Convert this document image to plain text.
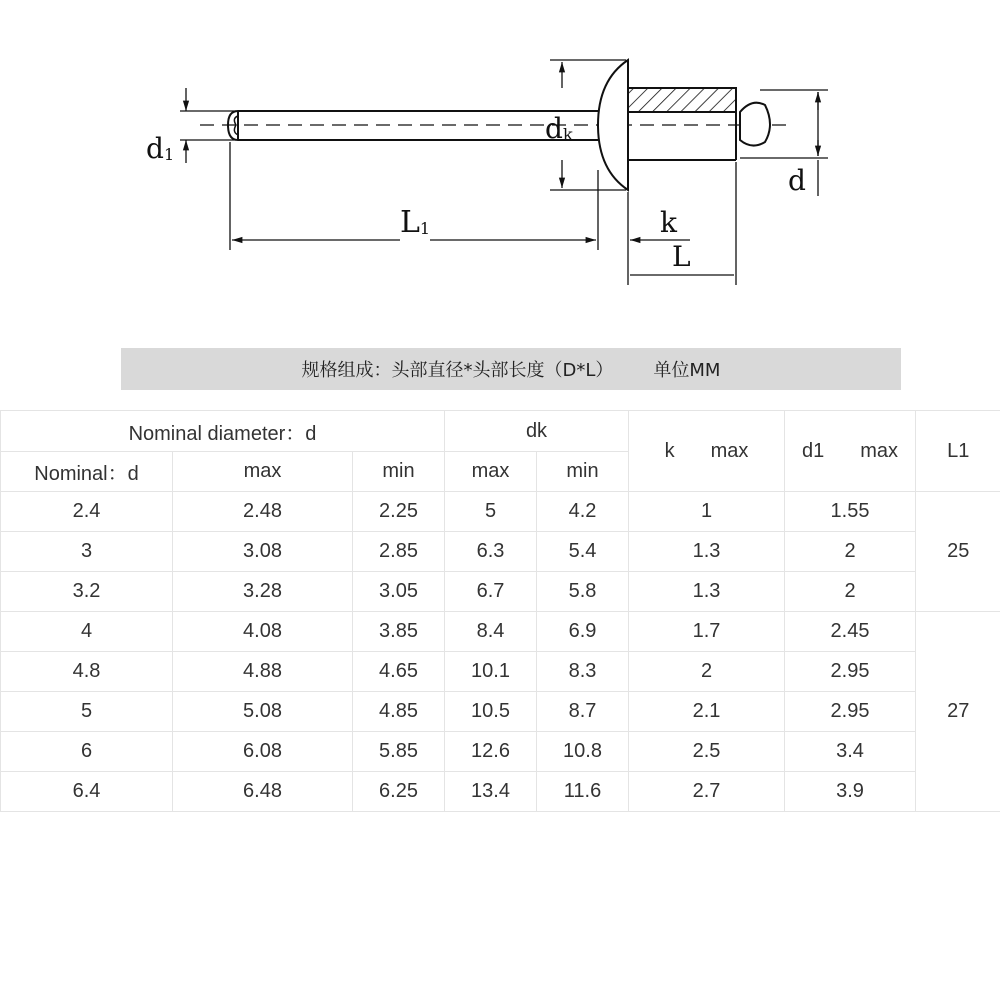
d1
dk
d
L1	k
L
规格组成：头部直径*头部长度（D*L） 单位MM
Nominal diameter：d			dk		k max	d1 max	L1
Nominal：d	max	min	max	min			
2.4	2.48	2.25	5	4.2	1	1.55	25
3	3.08	2.85	6.3	5.4	1.3	2	
3.2	3.28	3.05	6.7	5.8	1.3	2	
4	4.08	3.85	8.4	6.9	1.7	2.45	27
4.8	4.88	4.65	10.1	8.3	2	2.95	
5	5.08	4.85	10.5	8.7	2.1	2.95	
6	6.08	5.85	12.6	10.8	2.5	3.4	
6.4	6.48	6.25	13.4	11.6	2.7	3.9	
